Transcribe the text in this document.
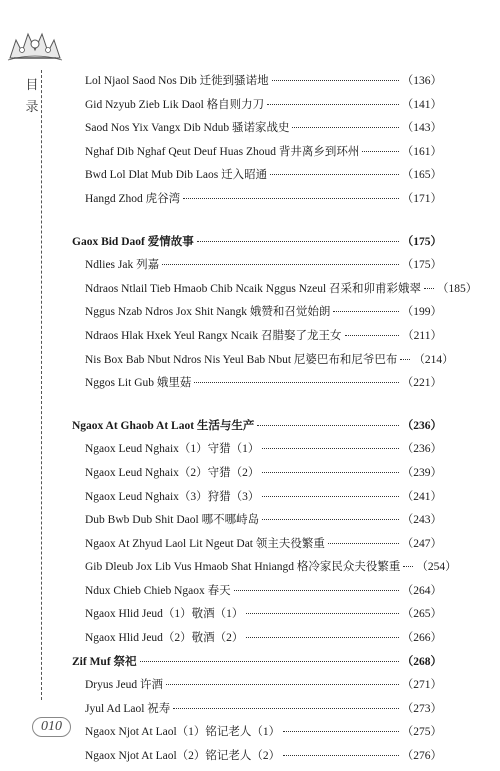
目录
Lol Njaol Saod Nos Dib 迁徙到骚诺地	（136）
Gid Nzyub Zieb Lik Daol 格自则力刀	（141）
Saod Nos Yix Vangx Dib Ndub 骚诺家战史	（143）
Nghaf Dib Nghaf Qeut Deuf Huas Zhoud 背井离乡到环州	（161）
Bwd Lol Dlat Mub Dib Laos 迁入昭通	（165）
Hangd Zhod 虎谷湾	（171）
Gaox Bid Daof 爱情故事	（175）
Ndlies Jak 列嘉	（175）
Ndraos Ntlail Tieb Hmaob Chib Ncaik Nggus Nzeul 召采和卯甫彩娥翠 （185）
Nggus Nzab Ndros Jox Shit Nangk 娥赞和召觉始朗	（199）
Ndraos Hlak Hxek Yeul Rangx Ncaik 召腊娶了龙王女	（211）
Nis Box Bab Nbut Ndros Nis Yeul Bab Nbut 尼婆巴布和尼爷巴布 （214）
Nggos Lit Gub 娥里菇	（221）
Ngaox At Ghaob At Laot 生活与生产	（236）
Ngaox Leud Nghaix（1）守猎（1）	（236）
Ngaox Leud Nghaix（2）守猎（2）	（239）
Ngaox Leud Nghaix（3）狩猎（3）	（241）
Dub Bwb Dub Shit Daol 哪不哪峙岛	（243）
Ngaox At Zhyud Laol Lit Ngeut Dat 领主夫役繁重	（247）
Gib Dleub Jox Lib Vus Hmaob Shat Hniangd 格冷家民众夫役繁重 （254）
Ndux Chieb Chieb Ngaox 春天	（264）
Ngaox Hlid Jeud（1）敬酒（1）	（265）
Ngaox Hlid Jeud（2）敬酒（2）	（266）
Zif Muf 祭祀	（268）
Dryus Jeud 许酒	（271）
Jyul Ad Laol 祝寿	（273）
Ngaox Njot At Laol（1）铭记老人（1）	（275）
Ngaox Njot At Laol（2）铭记老人（2）	（276）
010
